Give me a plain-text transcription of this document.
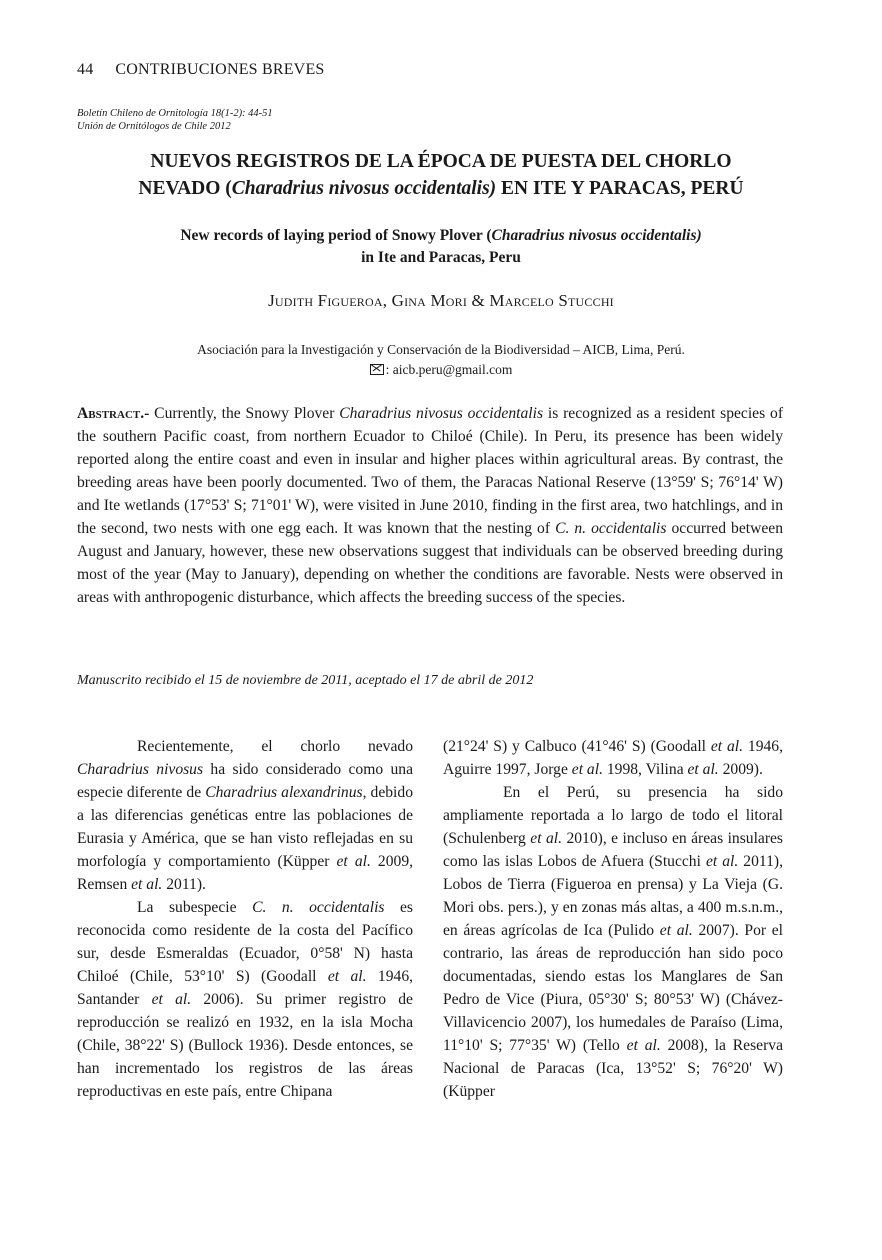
44 CONTRIBUCIONES BREVES
Boletín Chileno de Ornitología 18(1-2): 44-51
Unión de Ornitólogos de Chile 2012
NUEVOS REGISTROS DE LA ÉPOCA DE PUESTA DEL CHORLO
NEVADO (Charadrius nivosus occidentalis) EN ITE Y PARACAS, PERÚ
New records of laying period of Snowy Plover (Charadrius nivosus occidentalis)
in Ite and Paracas, Peru
Judith Figueroa, Gina Mori & Marcelo Stucchi
Asociación para la Investigación y Conservación de la Biodiversidad – AICB, Lima, Perú.
: aicb.peru@gmail.com
Abstract.- Currently, the Snowy Plover Charadrius nivosus occidentalis is recognized as a resident species of the southern Pacific coast, from northern Ecuador to Chiloé (Chile). In Peru, its presence has been widely reported along the entire coast and even in insular and higher places within agricultural areas. By contrast, the breeding areas have been poorly documented. Two of them, the Paracas National Reserve (13°59' S; 76°14' W) and Ite wetlands (17°53' S; 71°01' W), were visited in June 2010, finding in the first area, two hatchlings, and in the second, two nests with one egg each. It was known that the nesting of C. n. occidentalis occurred between August and January, however, these new observations suggest that individuals can be observed breeding during most of the year (May to January), depending on whether the conditions are favorable. Nests were observed in areas with anthropogenic disturbance, which affects the breeding success of the species.
Manuscrito recibido el 15 de noviembre de 2011, aceptado el 17 de abril de 2012

Recientemente, el chorlo nevado Charadrius nivosus ha sido considerado como una especie diferente de Charadrius alexandrinus, debido a las diferencias genéticas entre las poblaciones de Eurasia y América, que se han visto reflejadas en su morfología y comportamiento (Küpper et al. 2009, Remsen et al. 2011).

La subespecie C. n. occidentalis es reconocida como residente de la costa del Pacífico sur, desde Esmeraldas (Ecuador, 0°58' N) hasta Chiloé (Chile, 53°10' S) (Goodall et al. 1946, Santander et al. 2006). Su primer registro de reproducción se realizó en 1932, en la isla Mocha (Chile, 38°22' S) (Bullock 1936). Desde entonces, se han incrementado los registros de las áreas reproductivas en este país, entre Chipana

(21°24' S) y Calbuco (41°46' S) (Goodall et al. 1946, Aguirre 1997, Jorge et al. 1998, Vilina et al. 2009).

En el Perú, su presencia ha sido ampliamente reportada a lo largo de todo el litoral (Schulenberg et al. 2010), e incluso en áreas insulares como las islas Lobos de Afuera (Stucchi et al. 2011), Lobos de Tierra (Figueroa en prensa) y La Vieja (G. Mori obs. pers.), y en zonas más altas, a 400 m.s.n.m., en áreas agrícolas de Ica (Pulido et al. 2007). Por el contrario, las áreas de reproducción han sido poco documentadas, siendo estas los Manglares de San Pedro de Vice (Piura, 05°30' S; 80°53' W) (Chávez-Villavicencio 2007), los humedales de Paraíso (Lima, 11°10' S; 77°35' W) (Tello et al. 2008), la Reserva Nacional de Paracas (Ica, 13°52' S; 76°20' W) (Küpper
